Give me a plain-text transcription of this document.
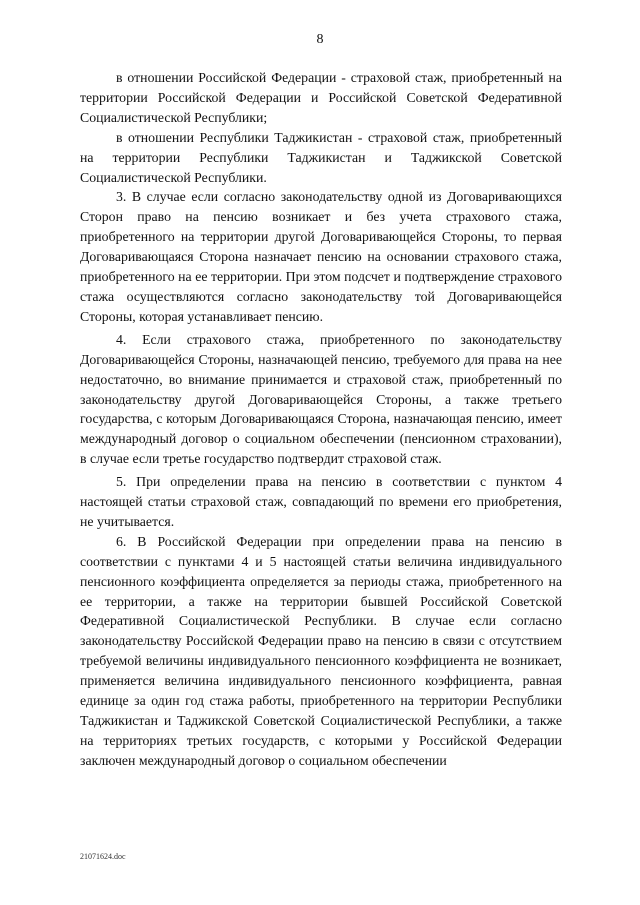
8

в отношении Российской Федерации - страховой стаж, приобретенный на территории Российской Федерации и Российской Советской Федеративной Социалистической Республики;

в отношении Республики Таджикистан - страховой стаж, приобретенный на территории Республики Таджикистан и Таджикской Советской Социалистической Республики.

3. В случае если согласно законодательству одной из Договаривающихся Сторон право на пенсию возникает и без учета страхового стажа, приобретенного на территории другой Договаривающейся Стороны, то первая Договаривающаяся Сторона назначает пенсию на основании страхового стажа, приобретенного на ее территории. При этом подсчет и подтверждение страхового стажа осуществляются согласно законодательству той Договаривающейся Стороны, которая устанавливает пенсию.

4. Если страхового стажа, приобретенного по законодательству Договаривающейся Стороны, назначающей пенсию, требуемого для права на нее недостаточно, во внимание принимается и страховой стаж, приобретенный по законодательству другой Договаривающейся Стороны, а также третьего государства, с которым Договаривающаяся Сторона, назначающая пенсию, имеет международный договор о социальном обеспечении (пенсионном страховании), в случае если третье государство подтвердит страховой стаж.

5. При определении права на пенсию в соответствии с пунктом 4 настоящей статьи страховой стаж, совпадающий по времени его приобретения, не учитывается.

6. В Российской Федерации при определении права на пенсию в соответствии с пунктами 4 и 5 настоящей статьи величина индивидуального пенсионного коэффициента определяется за периоды стажа, приобретенного на ее территории, а также на территории бывшей Российской Советской Федеративной Социалистической Республики. В случае если согласно законодательству Российской Федерации право на пенсию в связи с отсутствием требуемой величины индивидуального пенсионного коэффициента не возникает, применяется величина индивидуального пенсионного коэффициента, равная единице за один год стажа работы, приобретенного на территории Республики Таджикистан и Таджикской Советской Социалистической Республики, а также на территориях третьих государств, с которыми у Российской Федерации заключен международный договор о социальном обеспечении

21071624.doc
